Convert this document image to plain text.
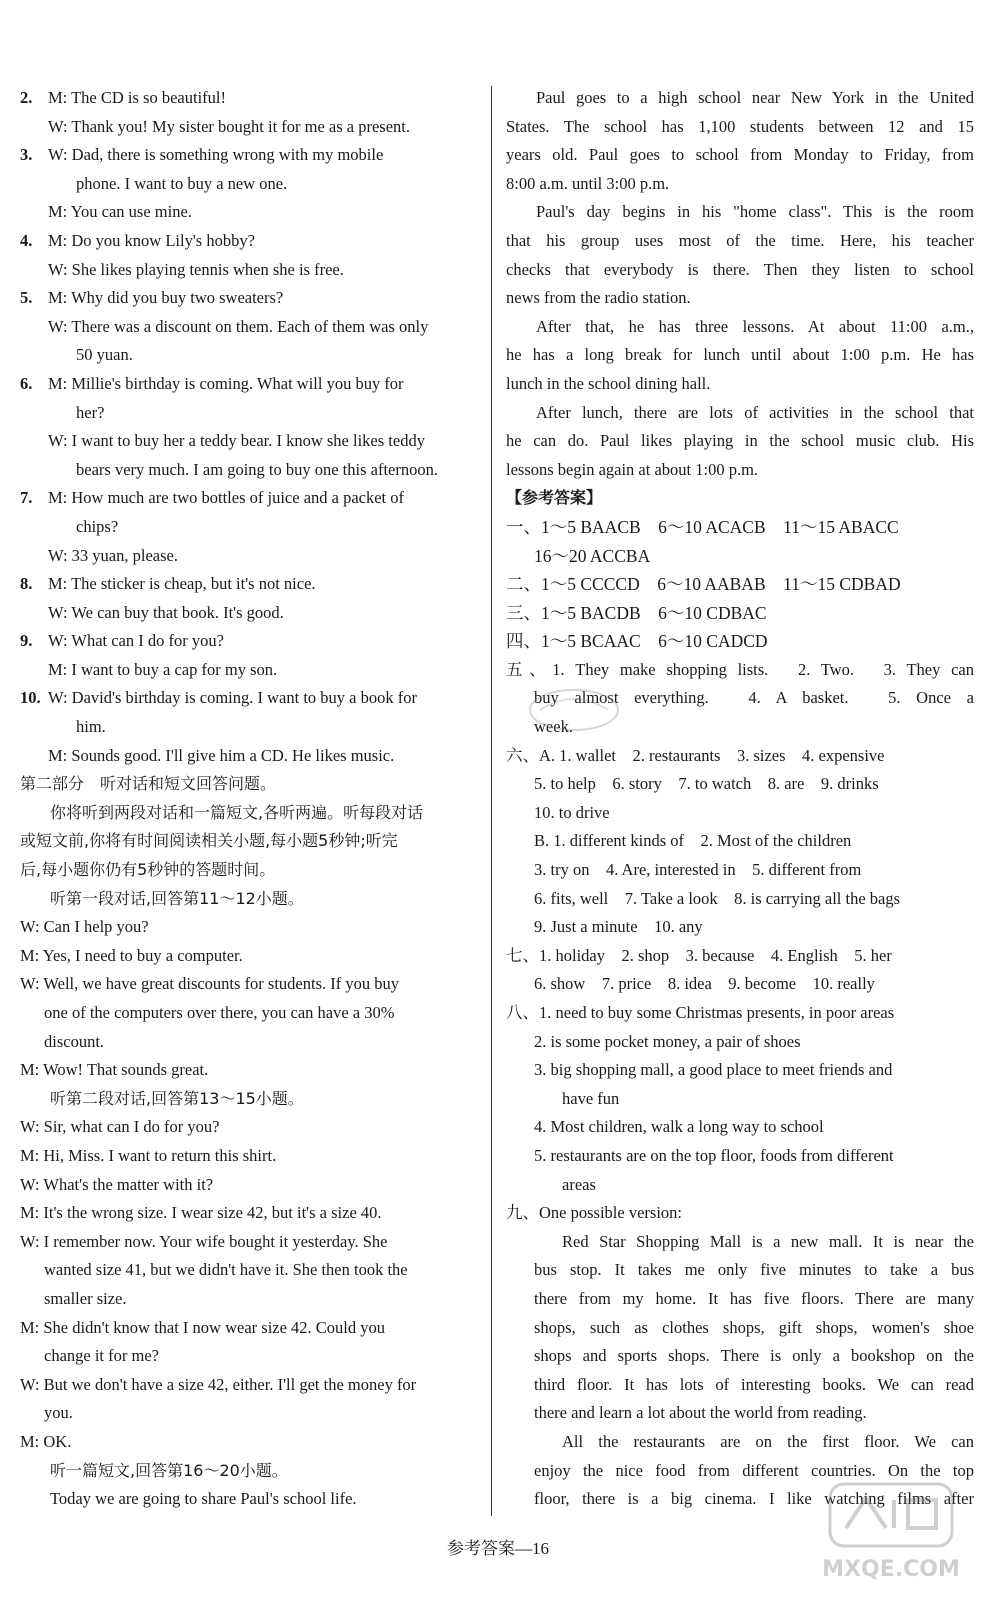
2. M: The CD is so beautiful!
W: Thank you! My sister bought it for me as a present.
3. W: Dad, there is something wrong with my mobile
phone. I want to buy a new one.
M: You can use mine.
4. M: Do you know Lily's hobby?
W: She likes playing tennis when she is free.
5. M: Why did you buy two sweaters?
W: There was a discount on them. Each of them was only
50 yuan.
6. M: Millie's birthday is coming. What will you buy for
her?
W: I want to buy her a teddy bear. I know she likes teddy
bears very much. I am going to buy one this afternoon.
7. M: How much are two bottles of juice and a packet of
chips?
W: 33 yuan, please.
8. M: The sticker is cheap, but it's not nice.
W: We can buy that book. It's good.
9. W: What can I do for you?
M: I want to buy a cap for my son.
10. W: David's birthday is coming. I want to buy a book for
him.
M: Sounds good. I'll give him a CD. He likes music.
第二部分　听对话和短文回答问题。
你将听到两段对话和一篇短文,各听两遍。听每段对话
或短文前,你将有时间阅读相关小题,每小题5秒钟;听完
后,每小题你仍有5秒钟的答题时间。
听第一段对话,回答第11～12小题。
W: Can I help you?
M: Yes, I need to buy a computer.
W: Well, we have great discounts for students. If you buy
one of the computers over there, you can have a 30%
discount.
M: Wow! That sounds great.
听第二段对话,回答第13～15小题。
W: Sir, what can I do for you?
M: Hi, Miss. I want to return this shirt.
W: What's the matter with it?
M: It's the wrong size. I wear size 42, but it's a size 40.
W: I remember now. Your wife bought it yesterday. She
wanted size 41, but we didn't have it. She then took the
smaller size.
M: She didn't know that I now wear size 42. Could you
change it for me?
W: But we don't have a size 42, either. I'll get the money for
you.
M: OK.
听一篇短文,回答第16～20小题。
Today we are going to share Paul's school life.
Paul goes to a high school near New York in the United
States. The school has 1,100 students between 12 and 15
years old. Paul goes to school from Monday to Friday, from
8:00 a.m. until 3:00 p.m.
Paul's day begins in his "home class". This is the room
that his group uses most of the time. Here, his teacher
checks that everybody is there. Then they listen to school
news from the radio station.
After that, he has three lessons. At about 11:00 a.m.,
he has a long break for lunch until about 1:00 p.m. He has
lunch in the school dining hall.
After lunch, there are lots of activities in the school that
he can do. Paul likes playing in the school music club. His
lessons begin again at about 1:00 p.m.
【参考答案】
一、1～5 BAACB　6～10 ACACB　11～15 ABACC
16～20 ACCBA
二、1～5 CCCCD　6～10 AABAB　11～15 CDBAD
三、1～5 BACDB　6～10 CDBAC
四、1～5 BCAAC　6～10 CADCD
五、1. They make shopping lists.　2. Two.　3. They can
buy almost everything.　4. A basket.　5. Once a
week.
六、A. 1. wallet　2. restaurants　3. sizes　4. expensive
5. to help　6. story　7. to watch　8. are　9. drinks
10. to drive
B. 1. different kinds of　2. Most of the children
3. try on　4. Are, interested in　5. different from
6. fits, well　7. Take a look　8. is carrying all the bags
9. Just a minute　10. any
七、1. holiday　2. shop　3. because　4. English　5. her
6. show　7. price　8. idea　9. become　10. really
八、1. need to buy some Christmas presents, in poor areas
2. is some pocket money, a pair of shoes
3. big shopping mall, a good place to meet friends and
have fun
4. Most children, walk a long way to school
5. restaurants are on the top floor, foods from different
areas
九、One possible version:
Red Star Shopping Mall is a new mall. It is near the
bus stop. It takes me only five minutes to take a bus
there from my home. It has five floors. There are many
shops, such as clothes shops, gift shops, women's shoe
shops and sports shops. There is only a bookshop on the
third floor. It has lots of interesting books. We can read
there and learn a lot about the world from reading.
All the restaurants are on the first floor. We can
enjoy the nice food from different countries. On the top
floor, there is a big cinema. I like watching films after
参考答案—16
MXQE.COM
